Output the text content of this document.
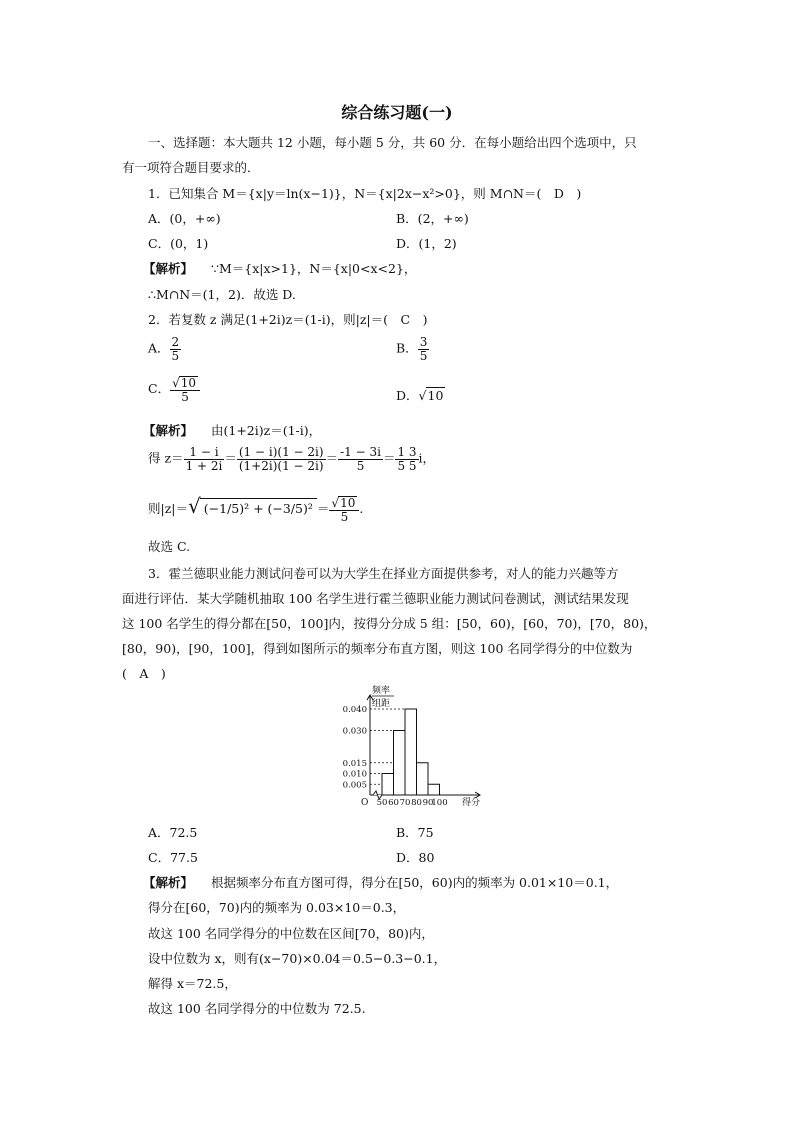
综合练习题(一)
一、选择题：本大题共 12 小题，每小题 5 分，共 60 分．在每小题给出四个选项中，只
有一项符合题目要求的．
1．已知集合 M＝{x|y＝ln(x−1)}，N＝{x|2x−x²>0}，则 M∩N＝(　D　)
A．(0，+∞)	B．(2，+∞)
C．(0，1)	D．(1，2)
【解析】 ∵M＝{x|x>1}，N＝{x|0<x<2}，
∴M∩N＝(1，2)．故选 D.
2．若复数 z 满足(1+2i)z＝(1-i)，则|z|＝(　C　)
A． $\frac{2}{5}$	B． $\frac{3}{5}$
C． $\frac{√10}{5}$	D．√10
【解析】 由(1+2i)z＝(1-i)，
得 $z= \frac{1 - i}{1 + 2i} = \frac{(1 - i)(1 - 2i)}{(1+2i)(1 - 2i)} = \frac{-1 - 3i}{5} = \frac{1 3}{5 5}$ i，
则|z|＝√ $(-1/5)^2 + (-3/5)^2 = \frac{√10}{5}$ .
故选 C.
3．霍兰德职业能力测试问卷可以为大学生在择业方面提供参考，对人的能力兴趣等方
面进行评估．某大学随机抽取 100 名学生进行霍兰德职业能力测试问卷测试，测试结果发现
这 100 名学生的得分都在[50，100]内，按得分分成 5 组：[50，60)，[60，70)，[70，80)，
[80，90)，[90，100]，得到如图所示的频率分布直方图，则这 100 名同学得分的中位数为
(　A　)
频率
组距
O
0.040
0.030
0.015
0.010
0.005
50 60 70 80 90
100 得分
A．72.5	B．75
C．77.5	D．80
【解析】 根据频率分布直方图可得，得分在[50，60)内的频率为 0.01×10＝0.1，
得分在[60，70)内的频率为 0.03×10＝0.3，
故这 100 名同学得分的中位数在区间[70，80)内，
设中位数为 x，则有(x−70)×0.04＝0.5−0.3−0.1，
解得 x＝72.5，
故这 100 名同学得分的中位数为 72.5.
